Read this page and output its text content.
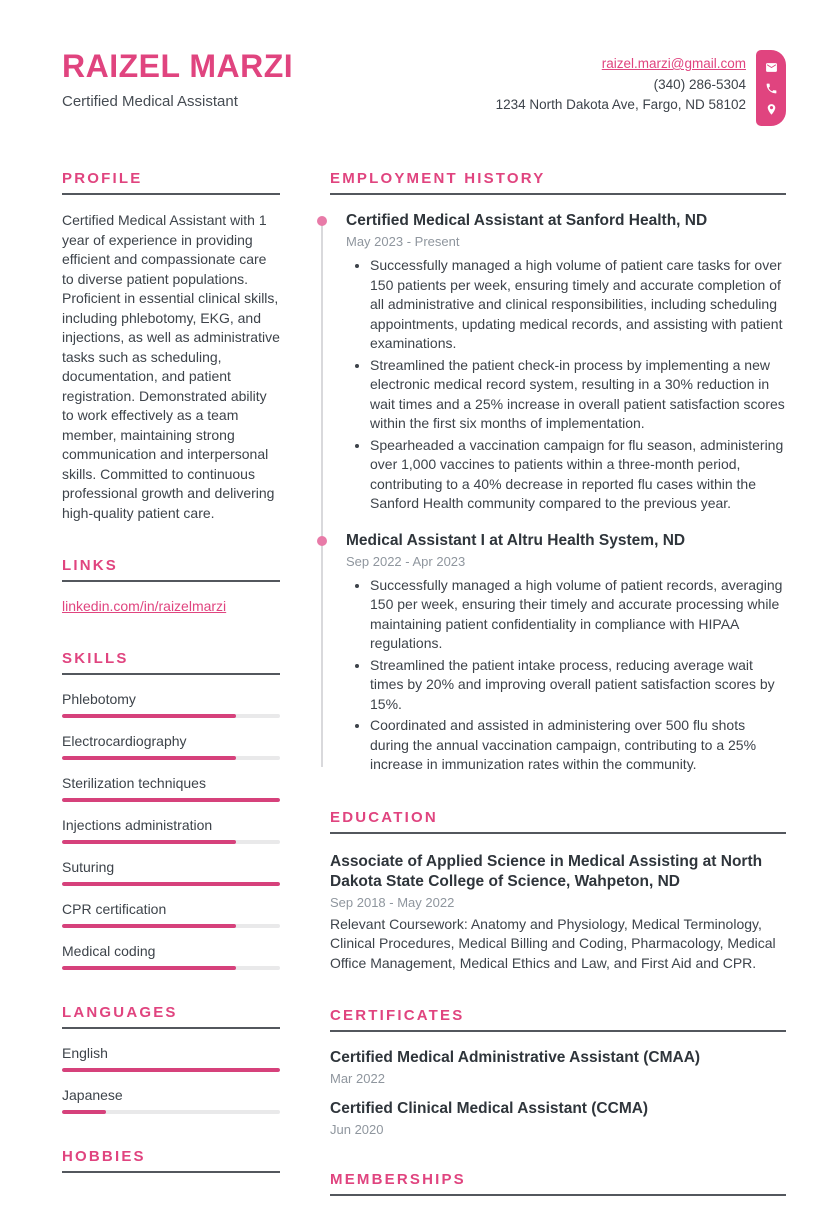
RAIZEL MARZI
Certified Medical Assistant
raizel.marzi@gmail.com
(340) 286-5304
1234 North Dakota Ave, Fargo, ND 58102
PROFILE
Certified Medical Assistant with 1 year of experience in providing efficient and compassionate care to diverse patient populations. Proficient in essential clinical skills, including phlebotomy, EKG, and injections, as well as administrative tasks such as scheduling, documentation, and patient registration. Demonstrated ability to work effectively as a team member, maintaining strong communication and interpersonal skills. Committed to continuous professional growth and delivering high-quality patient care.
LINKS
linkedin.com/in/raizelmarzi
SKILLS
Phlebotomy
Electrocardiography
Sterilization techniques
Injections administration
Suturing
CPR certification
Medical coding
LANGUAGES
English
Japanese
HOBBIES
EMPLOYMENT HISTORY
Certified Medical Assistant at Sanford Health, ND
May 2023 - Present
• Successfully managed a high volume of patient care tasks for over 150 patients per week, ensuring timely and accurate completion of all administrative and clinical responsibilities, including scheduling appointments, updating medical records, and assisting with patient examinations.
• Streamlined the patient check-in process by implementing a new electronic medical record system, resulting in a 30% reduction in wait times and a 25% increase in overall patient satisfaction scores within the first six months of implementation.
• Spearheaded a vaccination campaign for flu season, administering over 1,000 vaccines to patients within a three-month period, contributing to a 40% decrease in reported flu cases within the Sanford Health community compared to the previous year.
Medical Assistant I at Altru Health System, ND
Sep 2022 - Apr 2023
• Successfully managed a high volume of patient records, averaging 150 per week, ensuring their timely and accurate processing while maintaining patient confidentiality in compliance with HIPAA regulations.
• Streamlined the patient intake process, reducing average wait times by 20% and improving overall patient satisfaction scores by 15%.
• Coordinated and assisted in administering over 500 flu shots during the annual vaccination campaign, contributing to a 25% increase in immunization rates within the community.
EDUCATION
Associate of Applied Science in Medical Assisting at North Dakota State College of Science, Wahpeton, ND
Sep 2018 - May 2022
Relevant Coursework: Anatomy and Physiology, Medical Terminology, Clinical Procedures, Medical Billing and Coding, Pharmacology, Medical Office Management, Medical Ethics and Law, and First Aid and CPR.
CERTIFICATES
Certified Medical Administrative Assistant (CMAA)
Mar 2022
Certified Clinical Medical Assistant (CCMA)
Jun 2020
MEMBERSHIPS
